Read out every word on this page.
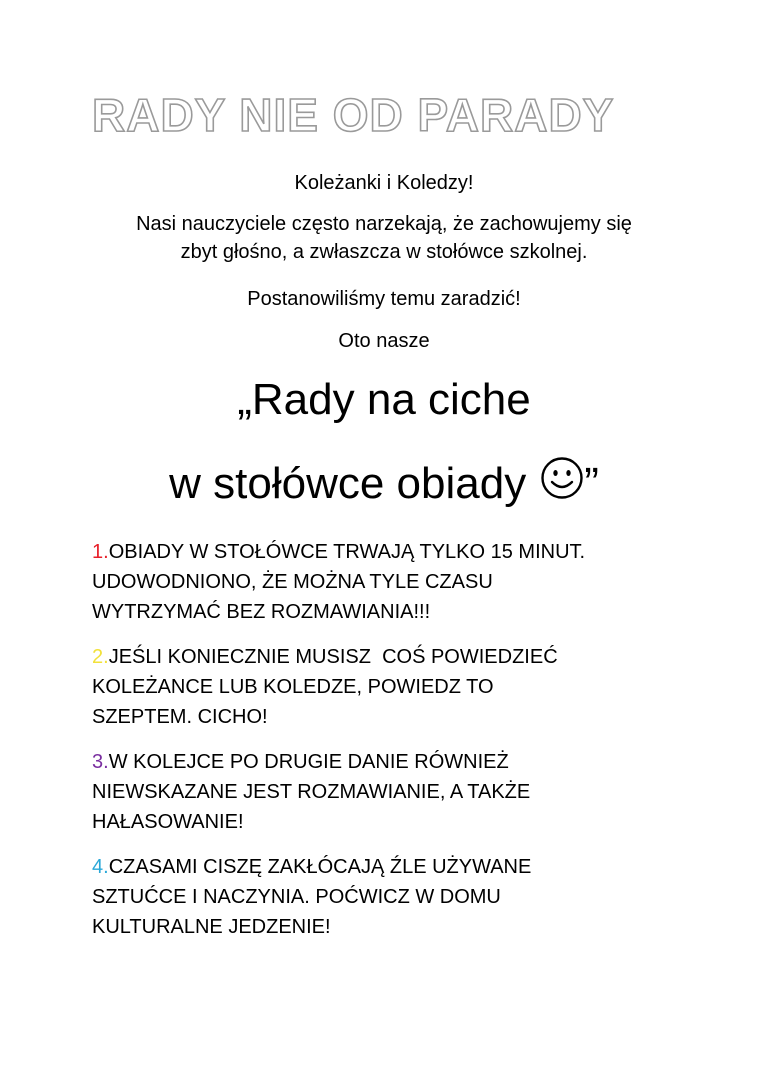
RADY NIE OD PARADY

Koleżanki i Koledzy!

Nasi nauczyciele często narzekają, że zachowujemy się
zbyt głośno, a zwłaszcza w stołówce szkolnej.

Postanowiliśmy temu zaradzić!

Oto nasze

„Rady na ciche

w stołówce obiady ”

1.OBIADY W STOŁÓWCE TRWAJĄ TYLKO 15 MINUT.
UDOWODNIONO, ŻE MOŻNA TYLE CZASU
WYTRZYMAĆ BEZ ROZMAWIANIA!!!
2.JEŚLI KONIECZNIE MUSISZ  COŚ POWIEDZIEĆ
KOLEŻANCE LUB KOLEDZE, POWIEDZ TO
SZEPTEM. CICHO!
3.W KOLEJCE PO DRUGIE DANIE RÓWNIEŻ
NIEWSKAZANE JEST ROZMAWIANIE, A TAKŻE
HAŁASOWANIE!
4.CZASAMI CISZĘ ZAKŁÓCAJĄ ŹLE UŻYWANE
SZTUĆCE I NACZYNIA. POĆWICZ W DOMU
KULTURALNE JEDZENIE!
